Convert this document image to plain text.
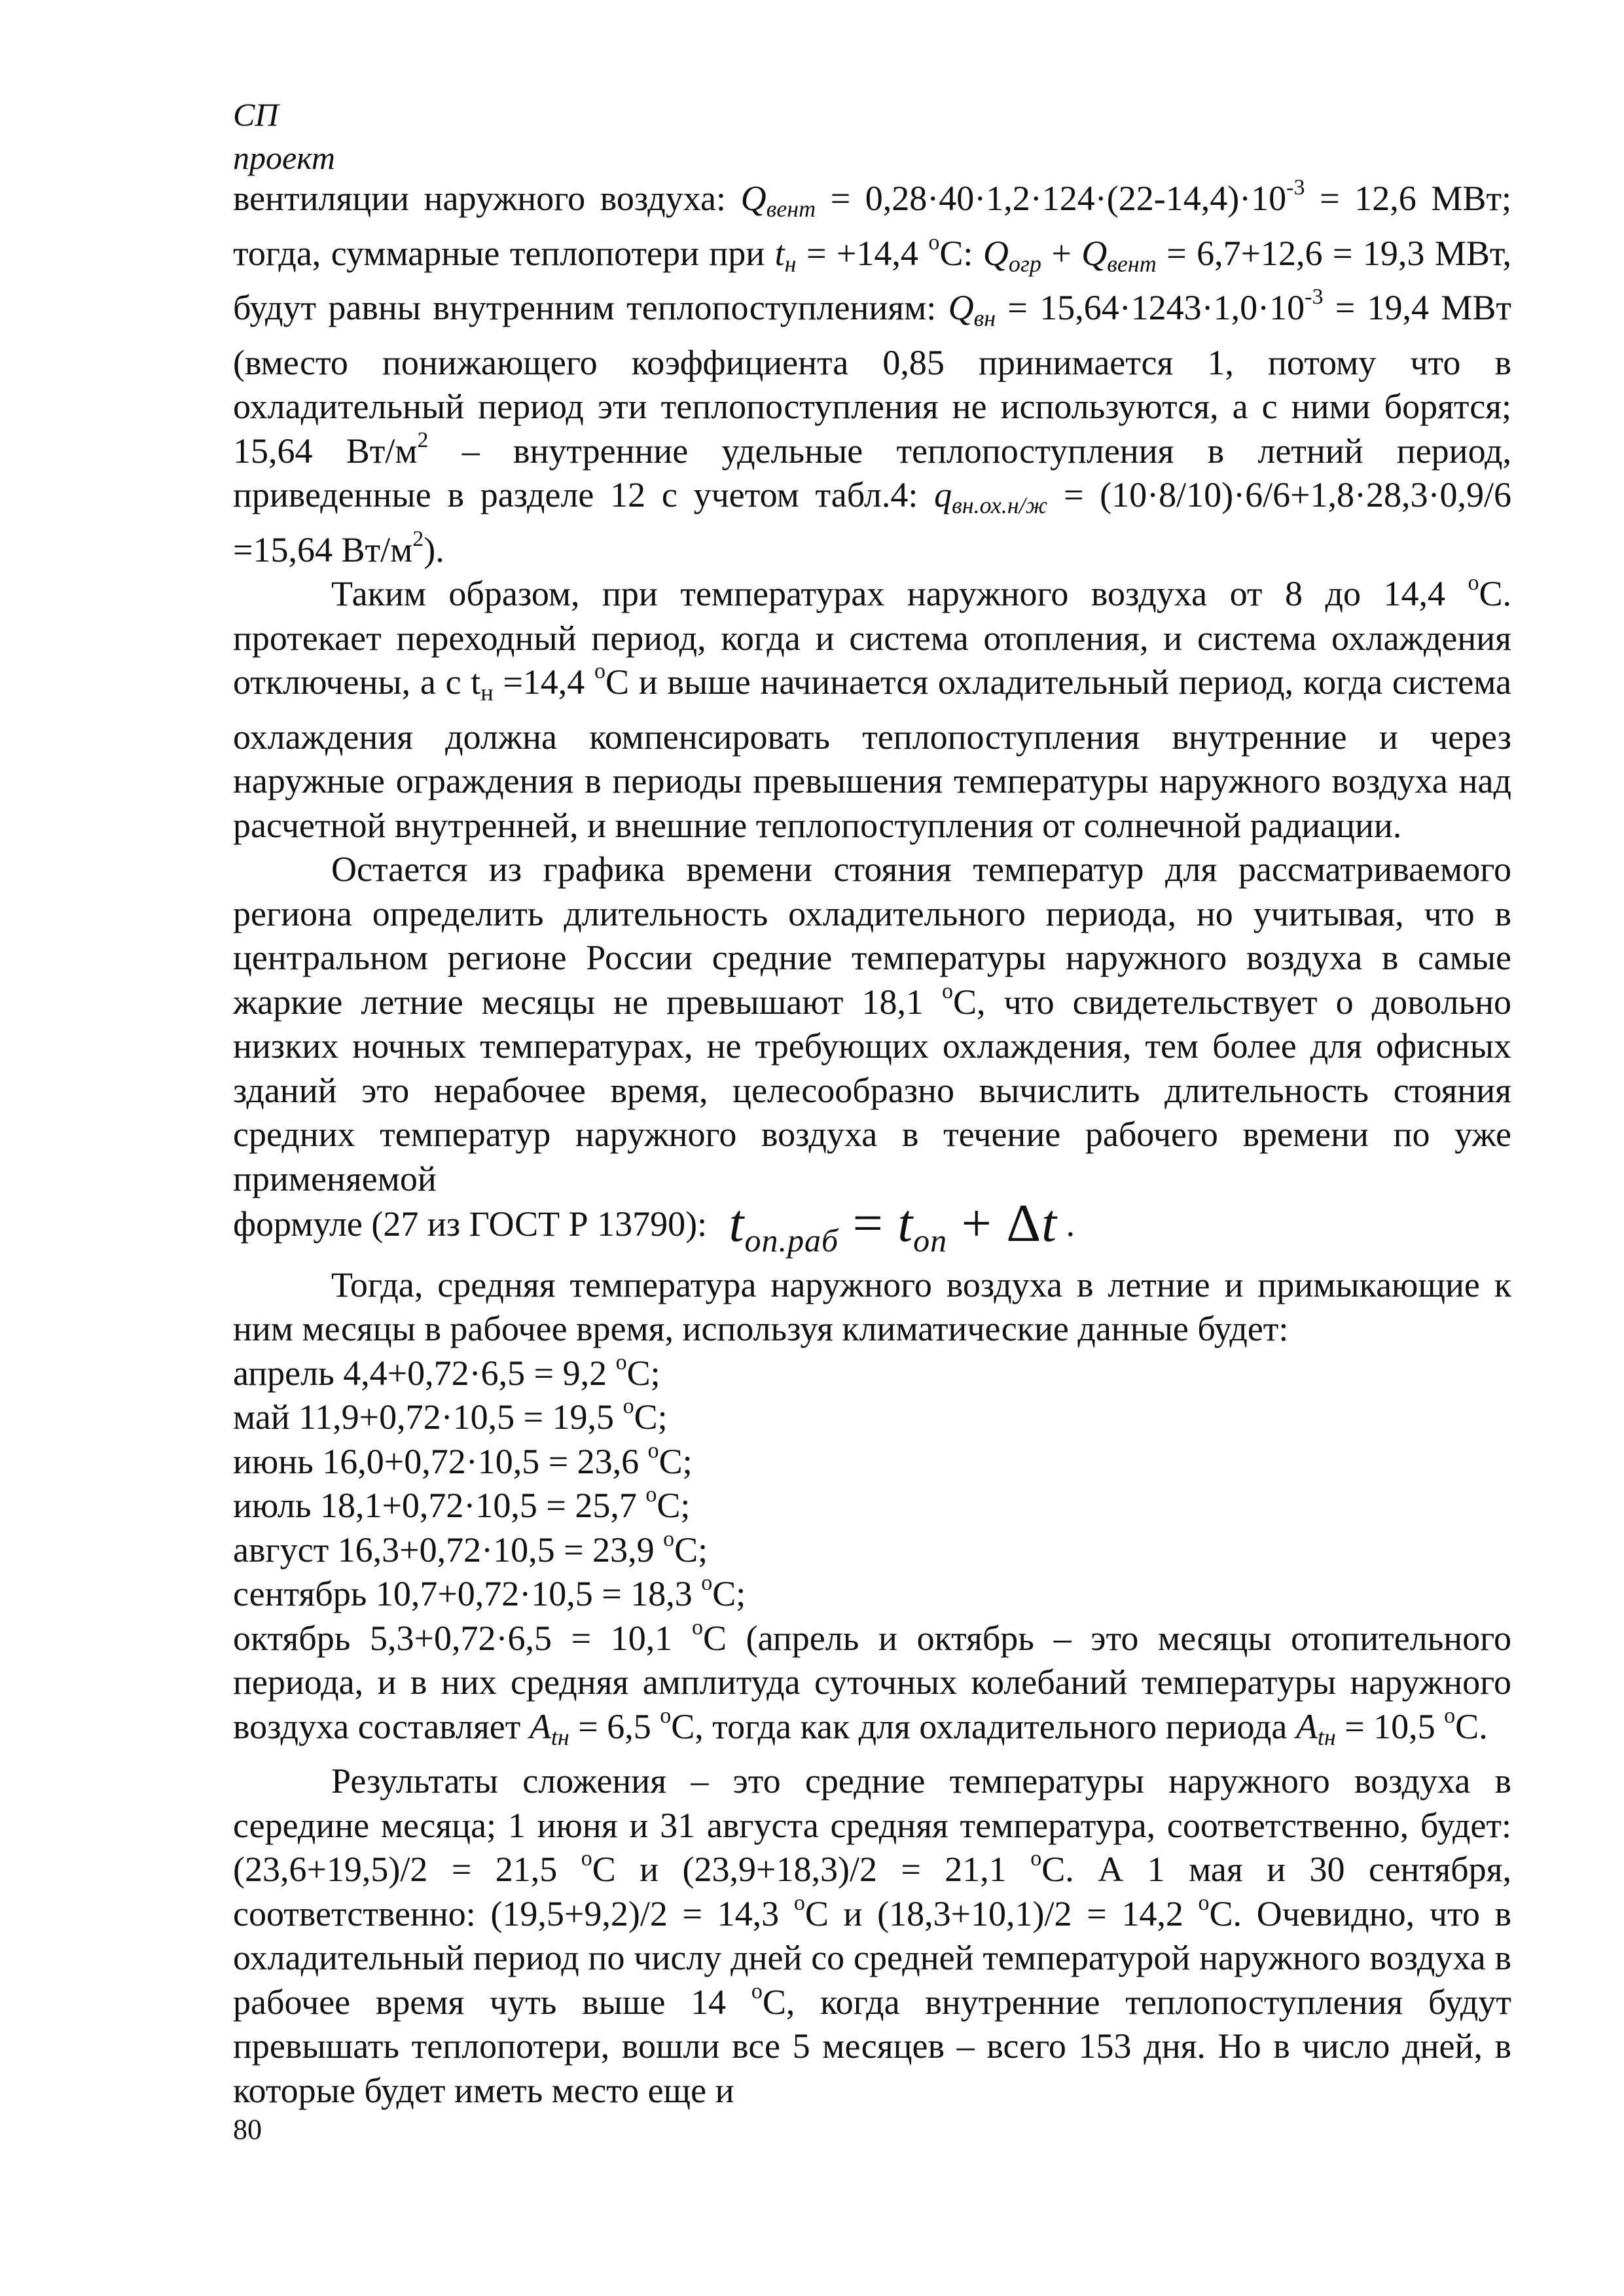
СП
проект

вентиляции наружного воздуха: Qвент = $0,28\cdot 40\cdot 1,2\cdot 124\cdot(22-14,4)\cdot 10^{-3} = 12,6$ МВт; тогда, суммарные теплопотери при tн = +14,4 $^o$С: Qогр + Qвент = 6,7+12,6 = 19,3 МВт, будут равны внутренним теплопоступлениям: Qвн = $15,64\cdot 1243\cdot 1,0\cdot 10^{-3} = 19,4$ МВт (вместо понижающего коэффициента 0,85 принимается 1, потому что в охладительный период эти теплопоступления не используются, а с ними борятся; 15,64 $Вт/м^2$ – внутренние удельные теплопоступления в летний период, приведенные в разделе 12 с учетом табл.4: qвн.ох.н/ж = (10·8/10)·6/6+1,8·28,3·0,9/6 =15,64 $Вт/м^2$).

Таким образом, при температурах наружного воздуха от 8 до 14,4 $^o$С. протекает переходный период, когда и система отопления, и система охлаждения отключены, а с tн =14,4 $^o$С и выше начинается охладительный период, когда система охлаждения должна компенсировать теплопоступления внутренние и через наружные ограждения в периоды превышения температуры наружного воздуха над расчетной внутренней, и внешние теплопоступления от солнечной радиации.

Остается из графика времени стояния температур для рассматриваемого региона определить длительность охладительного периода, но учитывая, что в центральном регионе России средние температуры наружного воздуха в самые жаркие летние месяцы не превышают 18,1 $^o$С, что свидетельствует о довольно низких ночных температурах, не требующих охлаждения, тем более для офисных зданий это нерабочее время, целесообразно вычислить длительность стояния средних температур наружного воздуха в течение рабочего времени по уже применяемой

формуле (27 из ГОСТ Р 13790): $t_{оп.раб} = t_{оп} + \Delta t$ .

Тогда, средняя температура наружного воздуха в летние и примыкающие к ним месяцы в рабочее время, используя климатические данные будет:

апрель 4,4+0,72·6,5 = 9,2 $^o$С;
май 11,9+0,72·10,5 = 19,5 $^o$С;
июнь 16,0+0,72·10,5 = 23,6 $^o$С;
июль 18,1+0,72·10,5 = 25,7 $^o$С;
август 16,3+0,72·10,5 = 23,9 $^o$С;
сентябрь 10,7+0,72·10,5 = 18,3 $^o$С;

октябрь 5,3+0,72·6,5 = 10,1 $^o$С (апрель и октябрь – это месяцы отопительного периода, и в них средняя амплитуда суточных колебаний температуры наружного воздуха составляет Atн = 6,5 $^o$С, тогда как для охладительного периода Atн = 10,5 $^o$С.

Результаты сложения – это средние температуры наружного воздуха в середине месяца; 1 июня и 31 августа средняя температура, соответственно, будет: (23,6+19,5)/2 = 21,5 $^o$С и (23,9+18,3)/2 = 21,1 $^o$С. А 1 мая и 30 сентября, соответственно: (19,5+9,2)/2 = 14,3 $^o$С и (18,3+10,1)/2 = 14,2 $^o$С. Очевидно, что в охладительный период по числу дней со средней температурой наружного воздуха в рабочее время чуть выше 14 $^o$С, когда внутренние теплопоступления будут превышать теплопотери, вошли все 5 месяцев – всего 153 дня. Но в число дней, в которые будет иметь место еще и

80
